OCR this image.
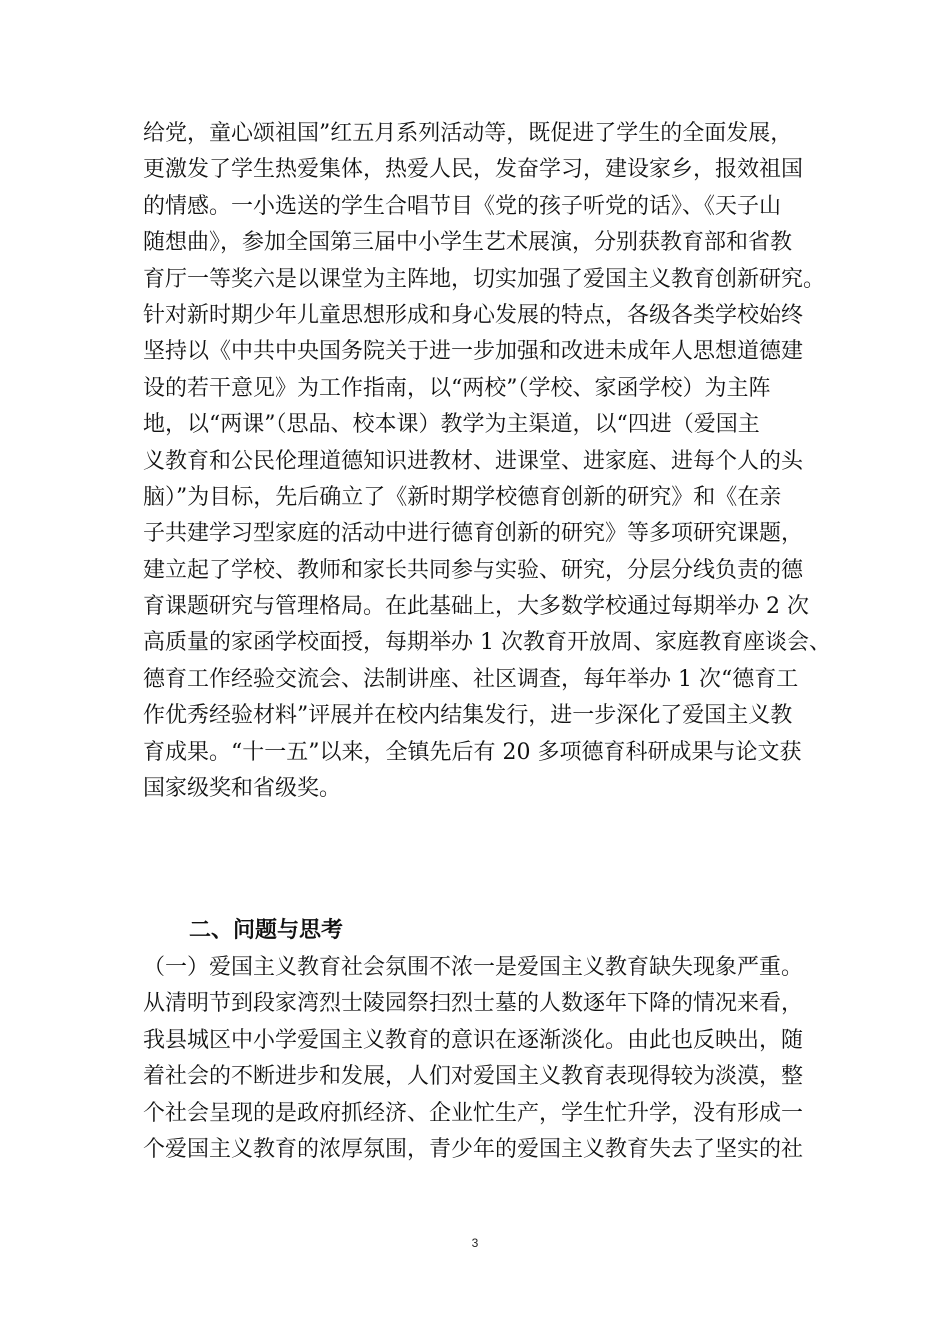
给党，童心颂祖国”红五月系列活动等，既促进了学生的全面发展，
更激发了学生热爱集体，热爱人民，发奋学习，建设家乡，报效祖国
的情感。一小选送的学生合唱节目《党的孩子听党的话》、《天子山
随想曲》，参加全国第三届中小学生艺术展演，分别获教育部和省教
育厅一等奖六是以课堂为主阵地，切实加强了爱国主义教育创新研究。
针对新时期少年儿童思想形成和身心发展的特点，各级各类学校始终
坚持以《中共中央国务院关于进一步加强和改进未成年人思想道德建
设的若干意见》为工作指南，以“两校”（学校、家函学校）为主阵
地，以“两课”（思品、校本课）教学为主渠道，以“四进（爱国主
义教育和公民伦理道德知识进教材、进课堂、进家庭、进每个人的头
脑）”为目标，先后确立了《新时期学校德育创新的研究》和《在亲
子共建学习型家庭的活动中进行德育创新的研究》等多项研究课题，
建立起了学校、教师和家长共同参与实验、研究，分层分线负责的德
育课题研究与管理格局。在此基础上，大多数学校通过每期举办 2 次
高质量的家函学校面授，每期举办 1 次教育开放周、家庭教育座谈会、
德育工作经验交流会、法制讲座、社区调查，每年举办 1 次“德育工
作优秀经验材料”评展并在校内结集发行，进一步深化了爱国主义教
育成果。“十一五”以来，全镇先后有 20 多项德育科研成果与论文获
国家级奖和省级奖。
二、问题与思考
（一）爱国主义教育社会氛围不浓一是爱国主义教育缺失现象严重。
从清明节到段家湾烈士陵园祭扫烈士墓的人数逐年下降的情况来看，
我县城区中小学爱国主义教育的意识在逐渐淡化。由此也反映出，随
着社会的不断进步和发展，人们对爱国主义教育表现得较为淡漠，整
个社会呈现的是政府抓经济、企业忙生产，学生忙升学，没有形成一
个爱国主义教育的浓厚氛围，青少年的爱国主义教育失去了坚实的社
3
